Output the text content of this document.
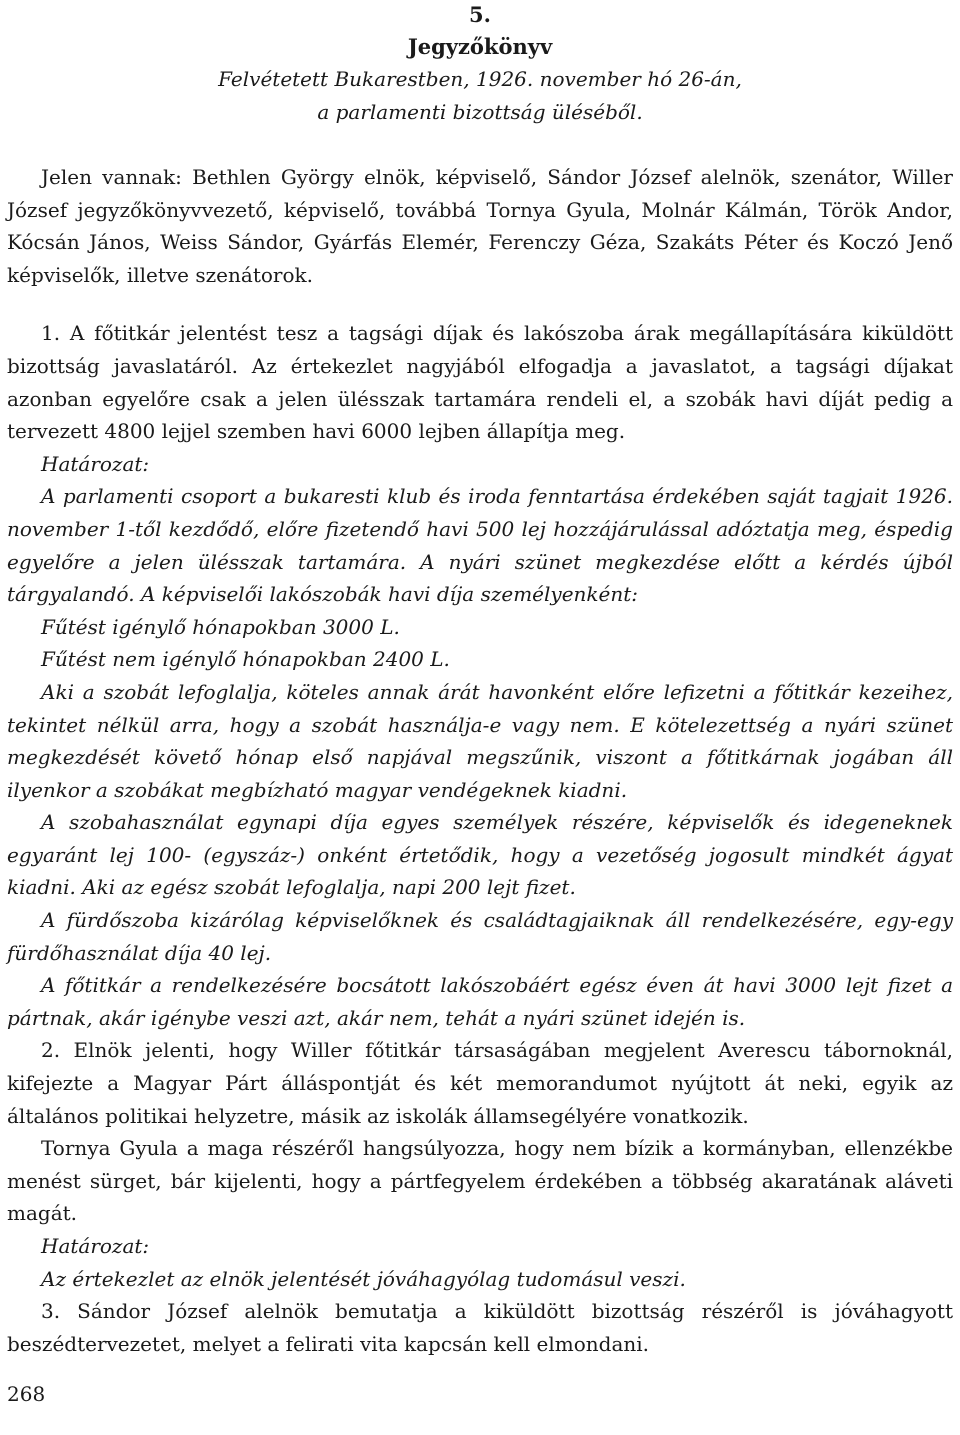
5.

Jegyzőkönyv

Felvétetett Bukarestben, 1926. november hó 26-án,

a parlamenti bizottság üléséből.

Jelen vannak: Bethlen György elnök, képviselő, Sándor József alelnök, szenátor, Willer József jegyzőkönyvvezető, képviselő, továbbá Tornya Gyula, Molnár Kálmán, Török Andor, Kócsán János, Weiss Sándor, Gyárfás Elemér, Ferenczy Géza, Szakáts Péter és Koczó Jenő képviselők, illetve szenátorok.

1. A főtitkár jelentést tesz a tagsági díjak és lakószoba árak megállapítására kiküldött bizottság javaslatáról. Az értekezlet nagyjából elfogadja a javaslatot, a tagsági díjakat azonban egyelőre csak a jelen ülésszak tartamára rendeli el, a szobák havi díját pedig a tervezett 4800 lejjel szemben havi 6000 lejben állapítja meg.

Határozat:

A parlamenti csoport a bukaresti klub és iroda fenntartása érdekében saját tagjait 1926. november 1-től kezdődő, előre fizetendő havi 500 lej hozzájárulással adóztatja meg, éspedig egyelőre a jelen ülésszak tartamára. A nyári szünet megkezdése előtt a kérdés újból tárgyalandó. A képviselői lakószobák havi díja személyenként:

Fűtést igénylő hónapokban 3000 L.

Fűtést nem igénylő hónapokban 2400 L.

Aki a szobát lefoglalja, köteles annak árát havonként előre lefizetni a főtitkár kezeihez, tekintet nélkül arra, hogy a szobát használja-e vagy nem. E kötelezettség a nyári szünet megkezdését követő hónap első napjával megszűnik, viszont a főtitkárnak jogában áll ilyenkor a szobákat megbízható magyar vendégeknek kiadni.

A szobahasználat egynapi díja egyes személyek részére, képviselők és idegeneknek egyaránt lej 100- (egyszáz-) onként értetődik, hogy a vezetőség jogosult mindkét ágyat kiadni. Aki az egész szobát lefoglalja, napi 200 lejt fizet.

A fürdőszoba kizárólag képviselőknek és családtagjaiknak áll rendelkezésére, egy-egy fürdőhasználat díja 40 lej.

A főtitkár a rendelkezésére bocsátott lakószobáért egész éven át havi 3000 lejt fizet a pártnak, akár igénybe veszi azt, akár nem, tehát a nyári szünet idején is.

2. Elnök jelenti, hogy Willer főtitkár társaságában megjelent Averescu tábornoknál, kifejezte a Magyar Párt álláspontját és két memorandumot nyújtott át neki, egyik az általános politikai helyzetre, másik az iskolák államsegélyére vonatkozik.

Tornya Gyula a maga részéről hangsúlyozza, hogy nem bízik a kormányban, ellenzékbe menést sürget, bár kijelenti, hogy a pártfegyelem érdekében a többség akaratának aláveti magát.

Határozat:

Az értekezlet az elnök jelentését jóváhagyólag tudomásul veszi.

3. Sándor József alelnök bemutatja a kiküldött bizottság részéről is jóváhagyott beszédtervezetet, melyet a felirati vita kapcsán kell elmondani.

268
